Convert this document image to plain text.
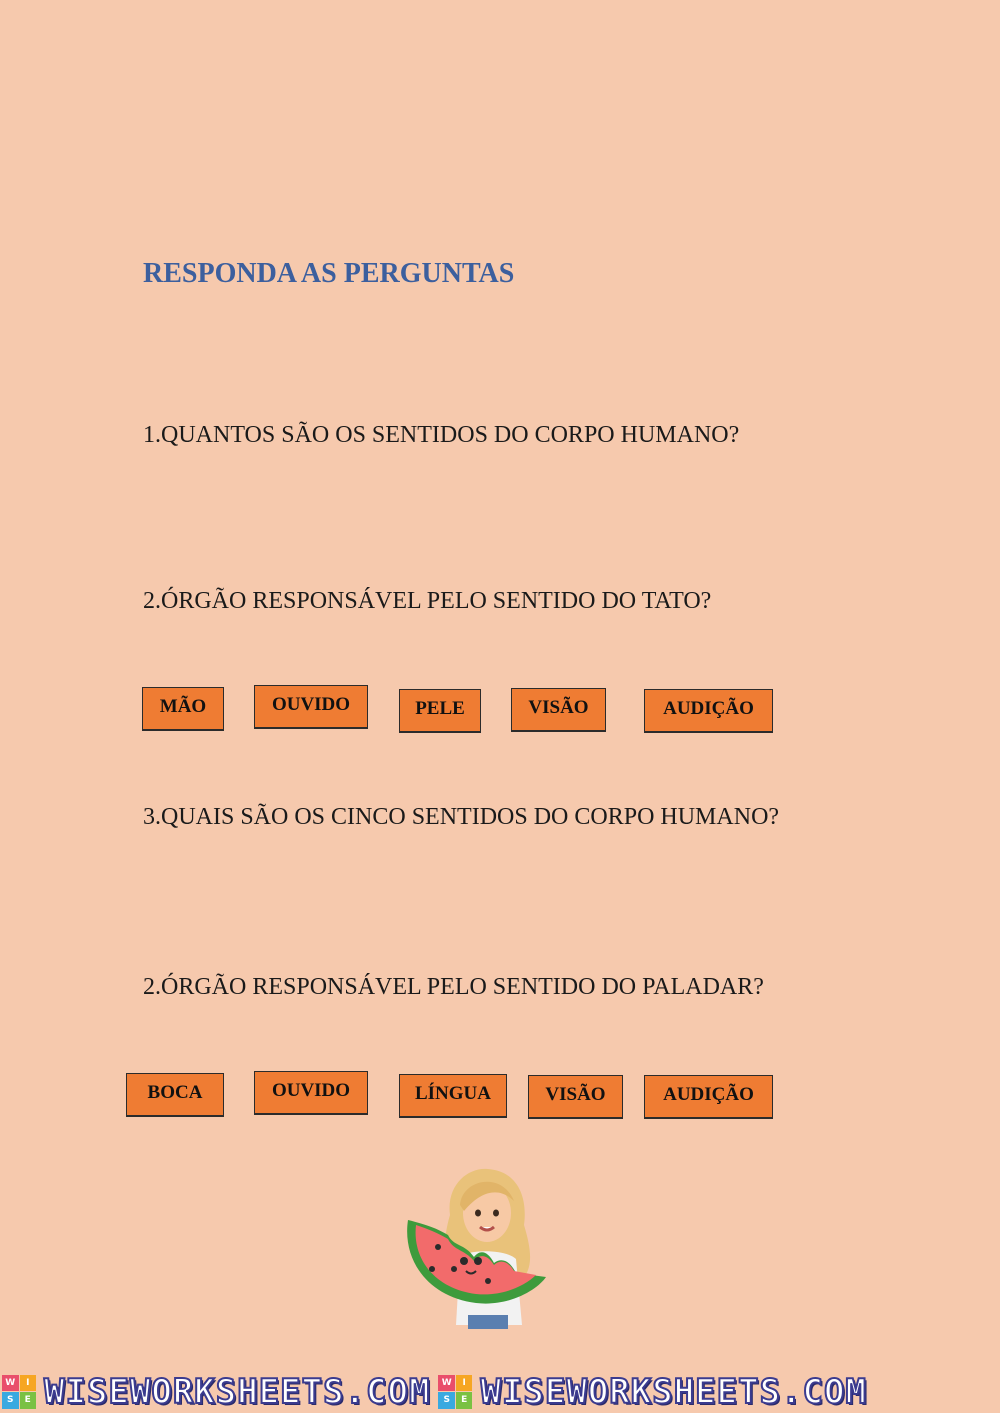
RESPONDA AS PERGUNTAS

1.QUANTOS SÃO OS SENTIDOS DO CORPO HUMANO?

2.ÓRGÃO RESPONSÁVEL PELO SENTIDO DO TATO?

MÃO	OUVIDO	PELE	VISÃO	AUDIÇÃO

3.QUAIS SÃO OS CINCO SENTIDOS DO CORPO HUMANO?

2.ÓRGÃO RESPONSÁVEL PELO SENTIDO DO PALADAR?

BOCA	OUVIDO	LÍNGUA	VISÃO	AUDIÇÃO
W	I
S	E WISEWORKSHEETS.COM	W	I
S	E WISEWORKSHEETS.COM
